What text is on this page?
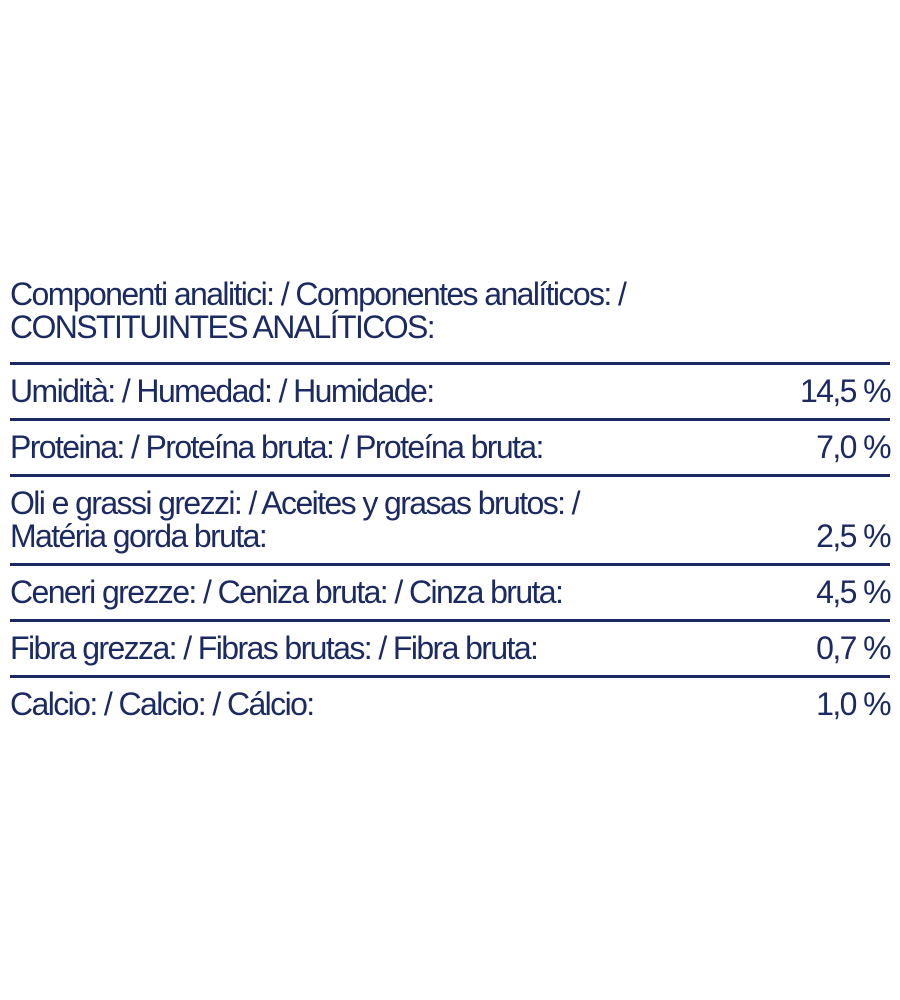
Componenti analitici: / Componentes analíticos: /
CONSTITUINTES ANALÍTICOS:
Umidità: / Humedad: / Humidade:	14,5 %
Proteina: / Proteína bruta: / Proteína bruta:	7,0 %
Oli e grassi grezzi: / Aceites y grasas brutos: /
Matéria gorda bruta:	2,5 %
Ceneri grezze: / Ceniza bruta: / Cinza bruta:	4,5 %
Fibra grezza: / Fibras brutas: / Fibra bruta:	0,7 %
Calcio: / Calcio: / Cálcio:	1,0 %
